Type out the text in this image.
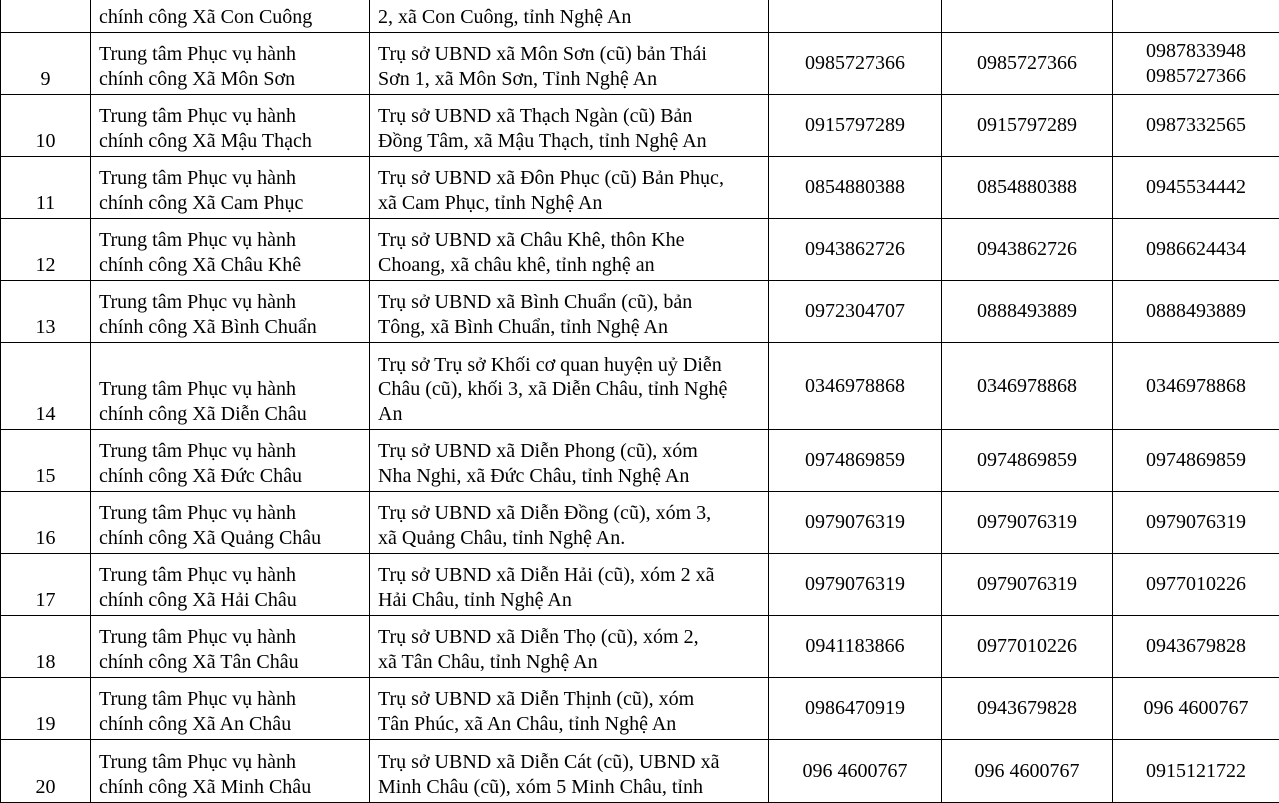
	chính công Xã Con Cuông	2, xã Con Cuông, tỉnh Nghệ An			

9	Trung tâm Phục vụ hành
chính công Xã Môn Sơn	Trụ sở UBND xã Môn Sơn (cũ) bản Thái
Sơn 1, xã Môn Sơn, Tỉnh Nghệ An	0985727366	0985727366	0987833948
0985727366

10	Trung tâm Phục vụ hành
chính công Xã Mậu Thạch	Trụ sở UBND xã Thạch Ngàn (cũ) Bản
Đồng Tâm, xã Mậu Thạch, tỉnh Nghệ An	0915797289	0915797289	0987332565

11	Trung tâm Phục vụ hành
chính công Xã Cam Phục	Trụ sở UBND xã Đôn Phục (cũ) Bản Phục,
xã Cam Phục, tỉnh Nghệ An	0854880388	0854880388	0945534442

12	Trung tâm Phục vụ hành
chính công Xã Châu Khê	Trụ sở UBND xã Châu Khê, thôn Khe
Choang, xã châu khê, tỉnh nghệ an	0943862726	0943862726	0986624434

13	Trung tâm Phục vụ hành
chính công Xã Bình Chuẩn	Trụ sở UBND xã Bình Chuẩn (cũ), bản
Tông, xã Bình Chuẩn, tỉnh Nghệ An	0972304707	0888493889	0888493889

14	Trung tâm Phục vụ hành
chính công Xã Diễn Châu	Trụ sở Trụ sở Khối cơ quan huyện uỷ Diễn
Châu (cũ), khối 3, xã Diễn Châu, tỉnh Nghệ
An	0346978868	0346978868	0346978868

15	Trung tâm Phục vụ hành
chính công Xã Đức Châu	Trụ sở UBND xã Diễn Phong (cũ), xóm
Nha Nghi, xã Đức Châu, tỉnh Nghệ An	0974869859	0974869859	0974869859

16	Trung tâm Phục vụ hành
chính công Xã Quảng Châu	Trụ sở UBND xã Diễn Đồng (cũ), xóm 3,
xã Quảng Châu, tỉnh Nghệ An.	0979076319	0979076319	0979076319

17	Trung tâm Phục vụ hành
chính công Xã Hải Châu	Trụ sở UBND xã Diễn Hải (cũ), xóm 2 xã
Hải Châu, tỉnh Nghệ An	0979076319	0979076319	0977010226

18	Trung tâm Phục vụ hành
chính công Xã Tân Châu	Trụ sở UBND xã Diễn Thọ (cũ), xóm 2,
xã Tân Châu, tỉnh Nghệ An	0941183866	0977010226	0943679828

19	Trung tâm Phục vụ hành
chính công Xã An Châu	Trụ sở UBND xã Diễn Thịnh (cũ), xóm
Tân Phúc, xã An Châu, tỉnh Nghệ An	0986470919	0943679828	096 4600767

20	Trung tâm Phục vụ hành
chính công Xã Minh Châu	Trụ sở UBND xã Diễn Cát (cũ), UBND xã
Minh Châu (cũ), xóm 5 Minh Châu, tỉnh	096 4600767	096 4600767	0915121722
